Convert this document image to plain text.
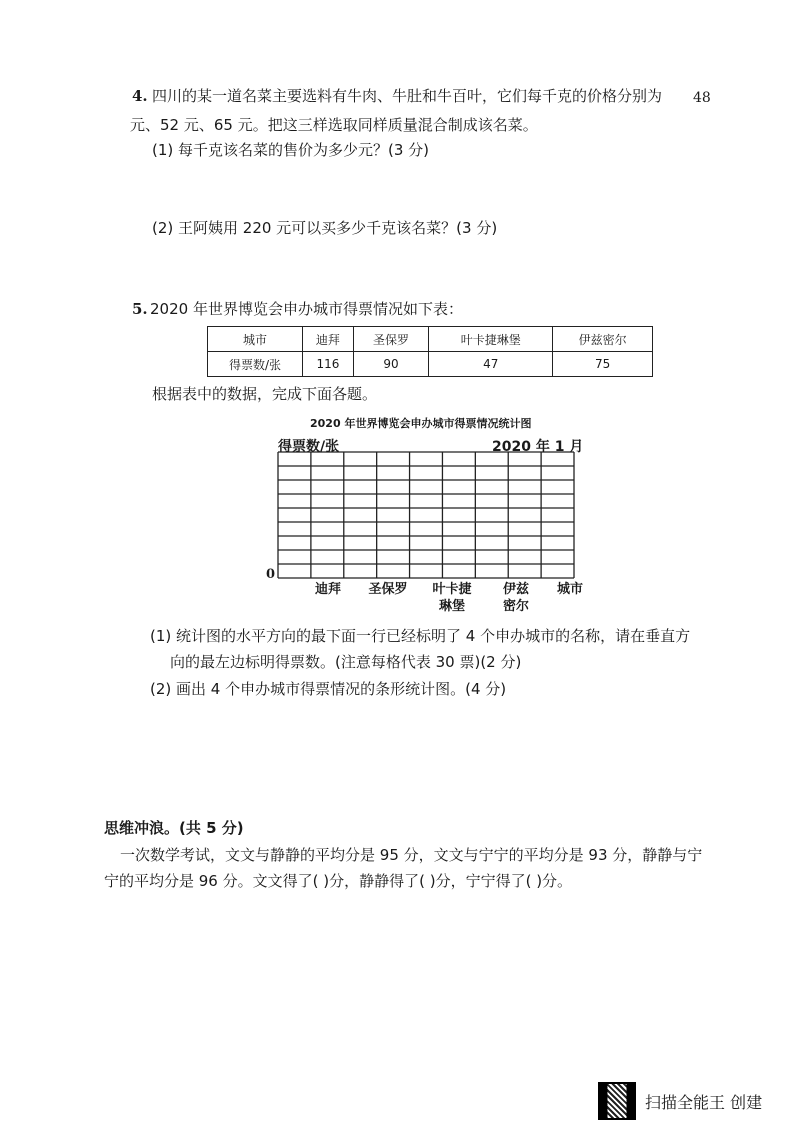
4. 四川的某一道名菜主要选料有牛肉、牛肚和牛百叶，它们每千克的价格分别为 48
元、52 元、65 元。把这三样选取同样质量混合制成该名菜。
(1) 每千克该名菜的售价为多少元？(3 分)
(2) 王阿姨用 220 元可以买多少千克该名菜？(3 分)
5. 2020 年世界博览会申办城市得票情况如下表：
城市	迪拜	圣保罗	叶卡捷琳堡	伊兹密尔
得票数/张	116	90	47	75
根据表中的数据，完成下面各题。
2020 年世界博览会申办城市得票情况统计图
得票数/张	2020 年 1 月
0
迪拜	圣保罗	叶卡捷
琳堡
伊兹
密尔
城市
(1) 统计图的水平方向的最下面一行已经标明了 4 个申办城市的名称，请在垂直方
向的最左边标明得票数。(注意每格代表 30 票)(2 分)
(2) 画出 4 个申办城市得票情况的条形统计图。(4 分)
思维冲浪。(共 5 分)
一次数学考试，文文与静静的平均分是 95 分，文文与宁宁的平均分是 93 分，静静与宁
宁的平均分是 96 分。文文得了( )分，静静得了( )分，宁宁得了( )分。
扫描全能王 创建
